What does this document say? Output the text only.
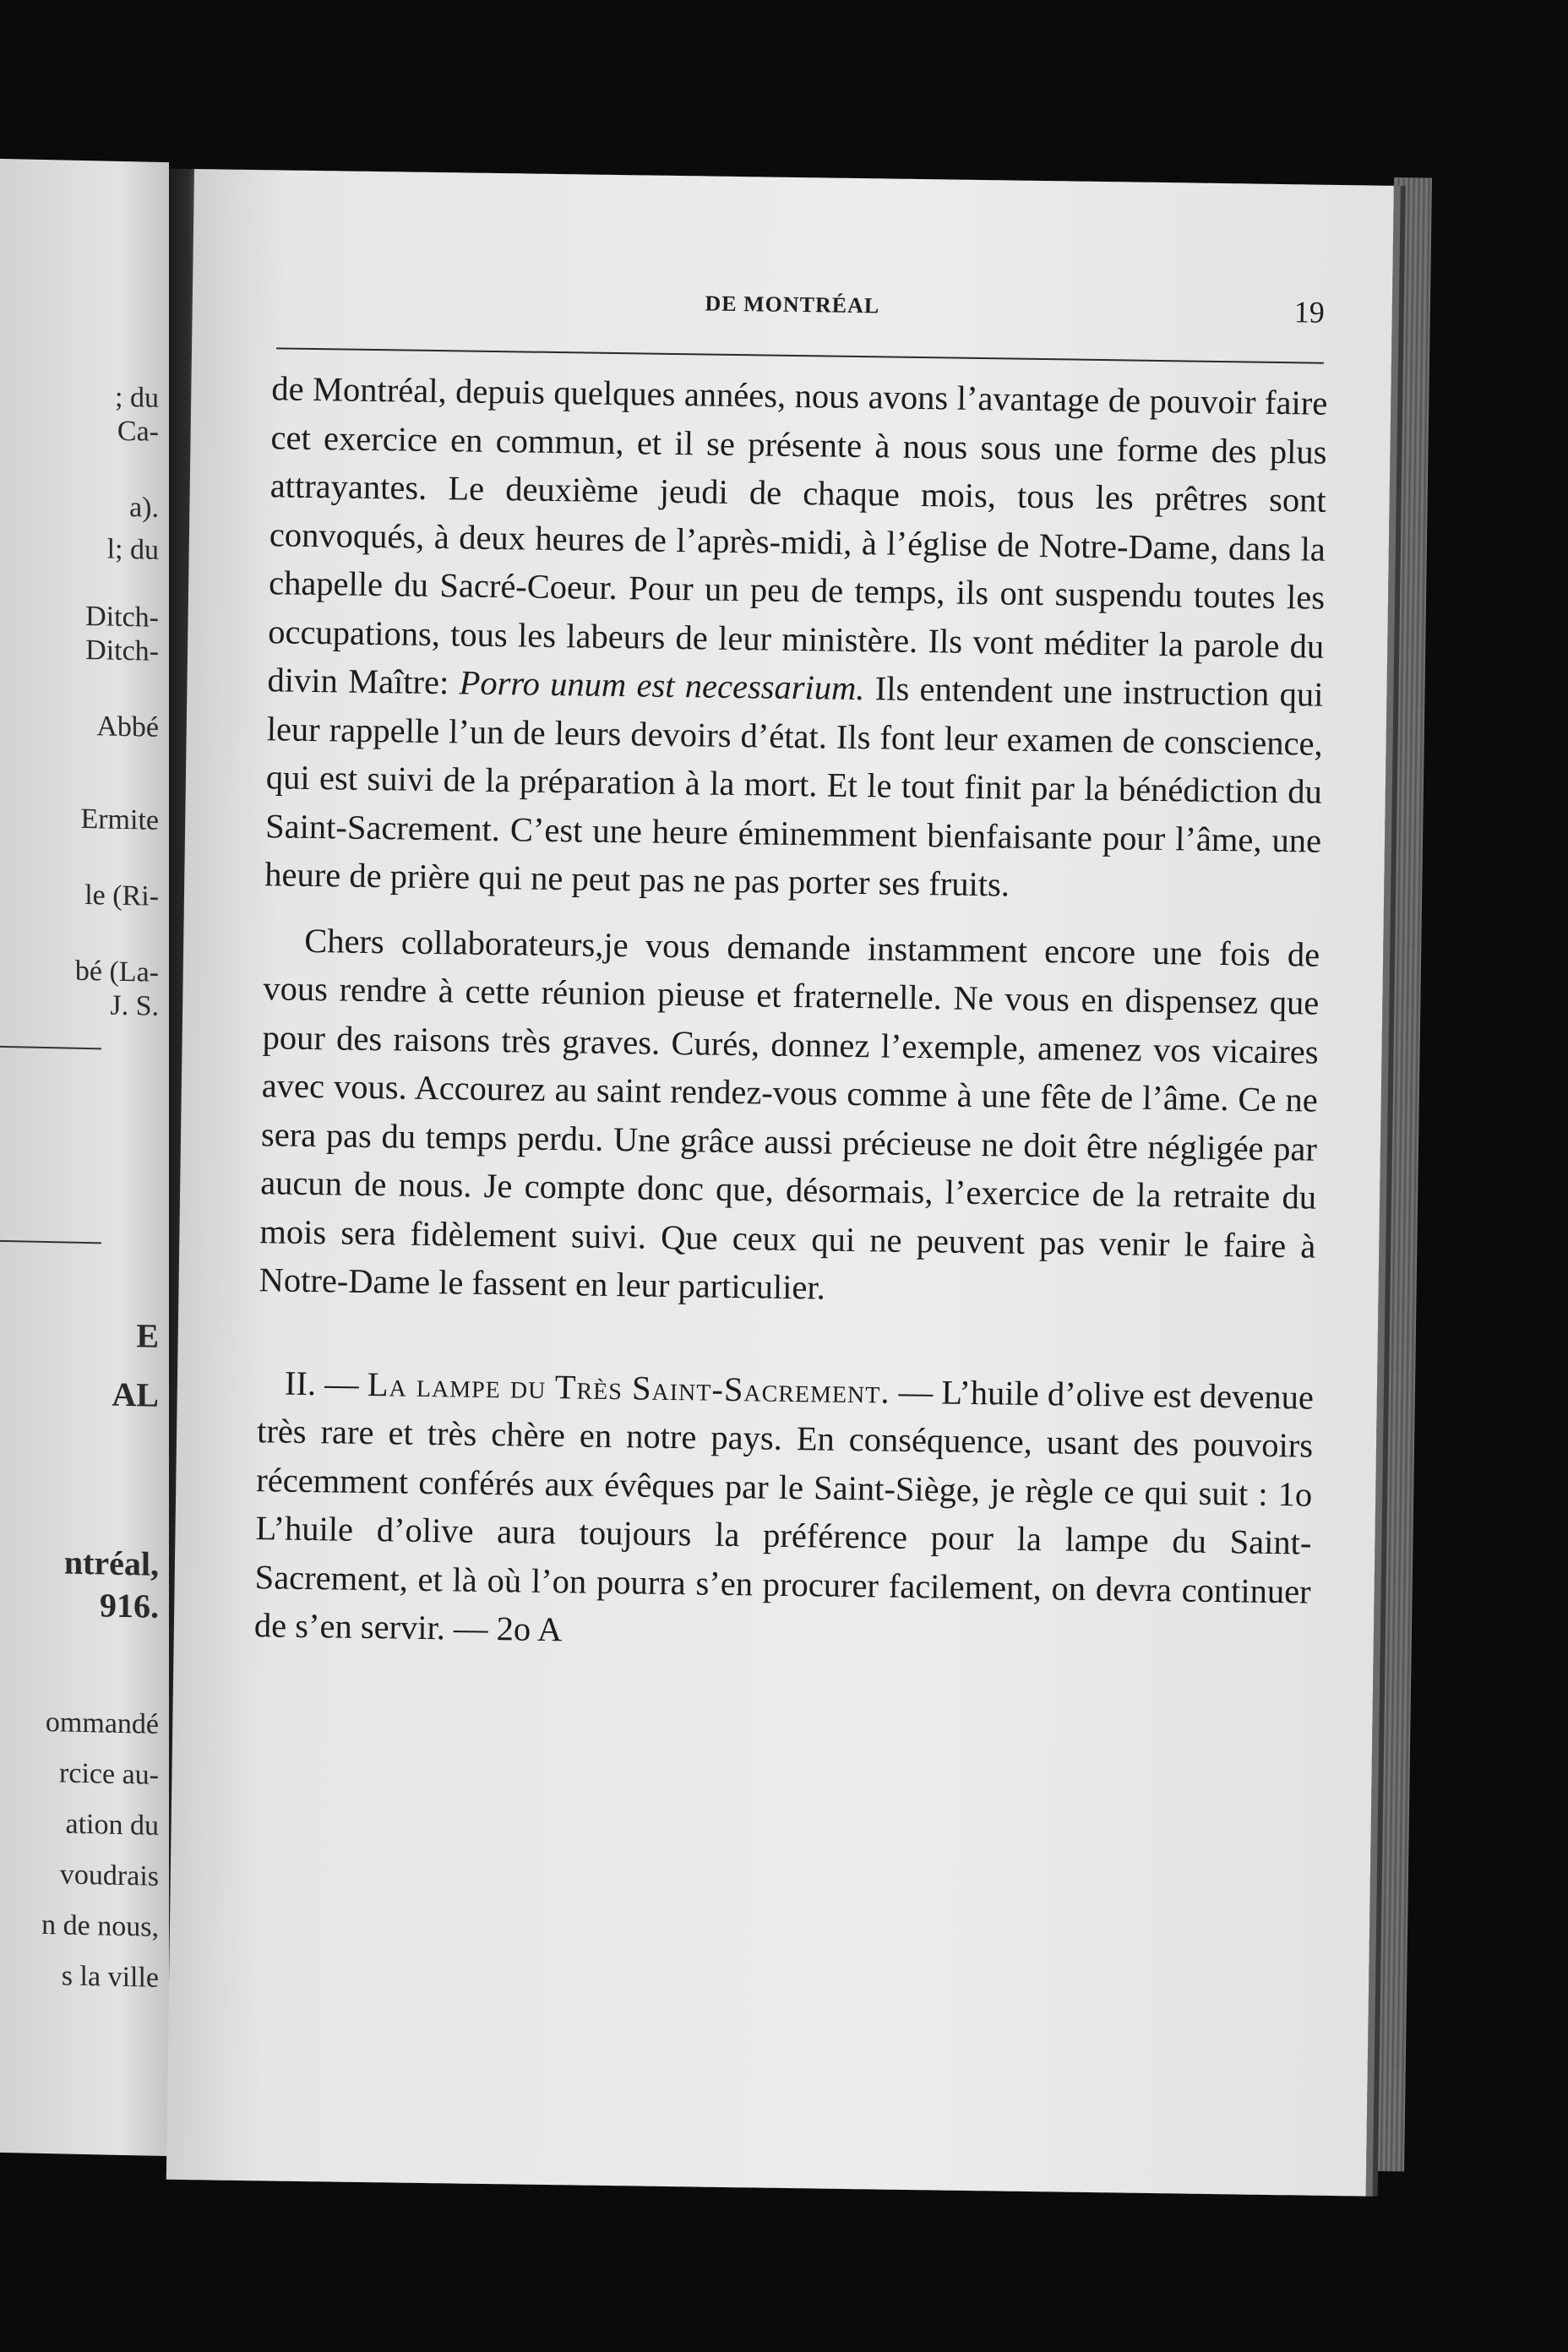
; du
Ca-
a).
l; du
Ditch-
Ditch-
Abbé
Ermite
le (Ri-
bé (La-
J. S.
E
AL
ntréal,
916.
ommandé
rcice au-
ation du
voudrais
n de nous,
s la ville
DE MONTRÉAL	19

de Montréal, depuis quelques années, nous avons l’avantage de pouvoir faire cet exercice en commun, et il se présente à nous sous une forme des plus attrayantes. Le deuxième jeudi de chaque mois, tous les prêtres sont convoqués, à deux heures de l’après-midi, à l’église de Notre-Dame, dans la chapelle du Sacré-Coeur. Pour un peu de temps, ils ont suspendu toutes les occupations, tous les labeurs de leur ministère. Ils vont méditer la parole du divin Maître: Porro unum est necessarium. Ils entendent une instruction qui leur rappelle l’un de leurs devoirs d’état. Ils font leur examen de conscience, qui est suivi de la préparation à la mort. Et le tout finit par la bénédiction du Saint-Sacrement. C’est une heure éminemment bienfaisante pour l’âme, une heure de prière qui ne peut pas ne pas porter ses fruits.

Chers collaborateurs,je vous demande instamment encore une fois de vous rendre à cette réunion pieuse et fraternelle. Ne vous en dispensez que pour des raisons très graves. Curés, donnez l’exemple, amenez vos vicaires avec vous. Accourez au saint rendez-vous comme à une fête de l’âme. Ce ne sera pas du temps perdu. Une grâce aussi précieuse ne doit être négligée par aucun de nous. Je compte donc que, désormais, l’exercice de la retraite du mois sera fidèlement suivi. Que ceux qui ne peuvent pas venir le faire à Notre-Dame le fassent en leur particulier.

II. — La lampe du Très Saint-Sacrement. — L’huile d’olive est devenue très rare et très chère en notre pays. En conséquence, usant des pouvoirs récemment conférés aux évêques par le Saint-Siège, je règle ce qui suit : 1o L’huile d’olive aura toujours la préférence pour la lampe du Saint-Sacrement, et là où l’on pourra s’en procurer facilement, on devra continuer de s’en servir. — 2o A
